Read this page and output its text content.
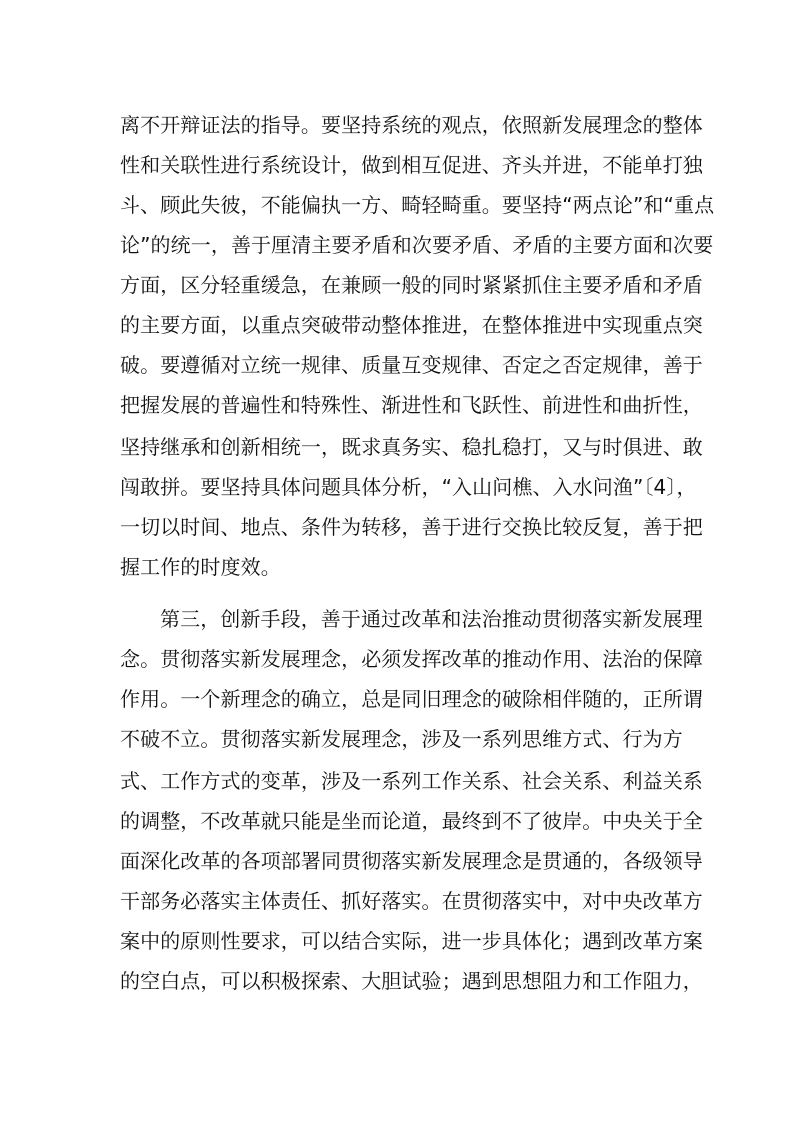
离不开辩证法的指导。要坚持系统的观点，依照新发展理念的整体
性和关联性进行系统设计，做到相互促进、齐头并进，不能单打独
斗、顾此失彼，不能偏执一方、畸轻畸重。要坚持“两点论”和“重点
论”的统一，善于厘清主要矛盾和次要矛盾、矛盾的主要方面和次要
方面，区分轻重缓急，在兼顾一般的同时紧紧抓住主要矛盾和矛盾
的主要方面，以重点突破带动整体推进，在整体推进中实现重点突
破。要遵循对立统一规律、质量互变规律、否定之否定规律，善于
把握发展的普遍性和特殊性、渐进性和飞跃性、前进性和曲折性，
坚持继承和创新相统一，既求真务实、稳扎稳打，又与时俱进、敢
闯敢拼。要坚持具体问题具体分析，“入山问樵、入水问渔”〔4〕，
一切以时间、地点、条件为转移，善于进行交换比较反复，善于把
握工作的时度效。
第三，创新手段，善于通过改革和法治推动贯彻落实新发展理
念。贯彻落实新发展理念，必须发挥改革的推动作用、法治的保障
作用。一个新理念的确立，总是同旧理念的破除相伴随的，正所谓
不破不立。贯彻落实新发展理念，涉及一系列思维方式、行为方
式、工作方式的变革，涉及一系列工作关系、社会关系、利益关系
的调整，不改革就只能是坐而论道，最终到不了彼岸。中央关于全
面深化改革的各项部署同贯彻落实新发展理念是贯通的，各级领导
干部务必落实主体责任、抓好落实。在贯彻落实中，对中央改革方
案中的原则性要求，可以结合实际，进一步具体化；遇到改革方案
的空白点，可以积极探索、大胆试验；遇到思想阻力和工作阻力，
